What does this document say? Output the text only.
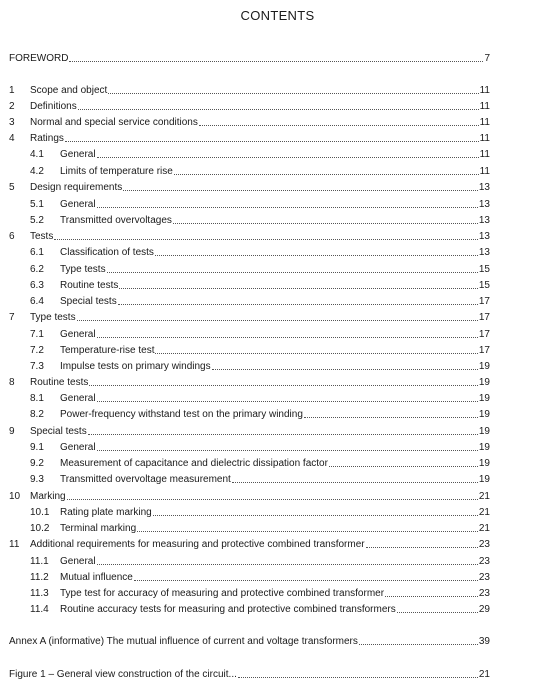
CONTENTS
FOREWORD	7
1	Scope and object	11
2	Definitions	11
3	Normal and special service conditions	11
4	Ratings	11
4.1	General	11
4.2	Limits of temperature rise	11
5	Design requirements	13
5.1	General	13
5.2	Transmitted overvoltages	13
6	Tests	13
6.1	Classification of tests	13
6.2	Type tests	15
6.3	Routine tests	15
6.4	Special tests	17
7	Type tests	17
7.1	General	17
7.2	Temperature-rise test	17
7.3	Impulse tests on primary windings	19
8	Routine tests	19
8.1	General	19
8.2	Power-frequency withstand test on the primary winding	19
9	Special tests	19
9.1	General	19
9.2	Measurement of capacitance and dielectric dissipation factor	19
9.3	Transmitted overvoltage measurement	19
10 Marking	21
10.1	Rating plate marking	21
10.2	Terminal marking	21
11	Additional requirements for measuring and protective combined transformer	23
11.1	General	23
11.2	Mutual influence	23
11.3	Type test for accuracy of measuring and protective combined transformer	23
11.4	Routine accuracy tests for measuring and protective combined transformers	29
Annex A (informative) The mutual influence of current and voltage transformers	39
Figure 1 – General view construction of the circuit...	21
